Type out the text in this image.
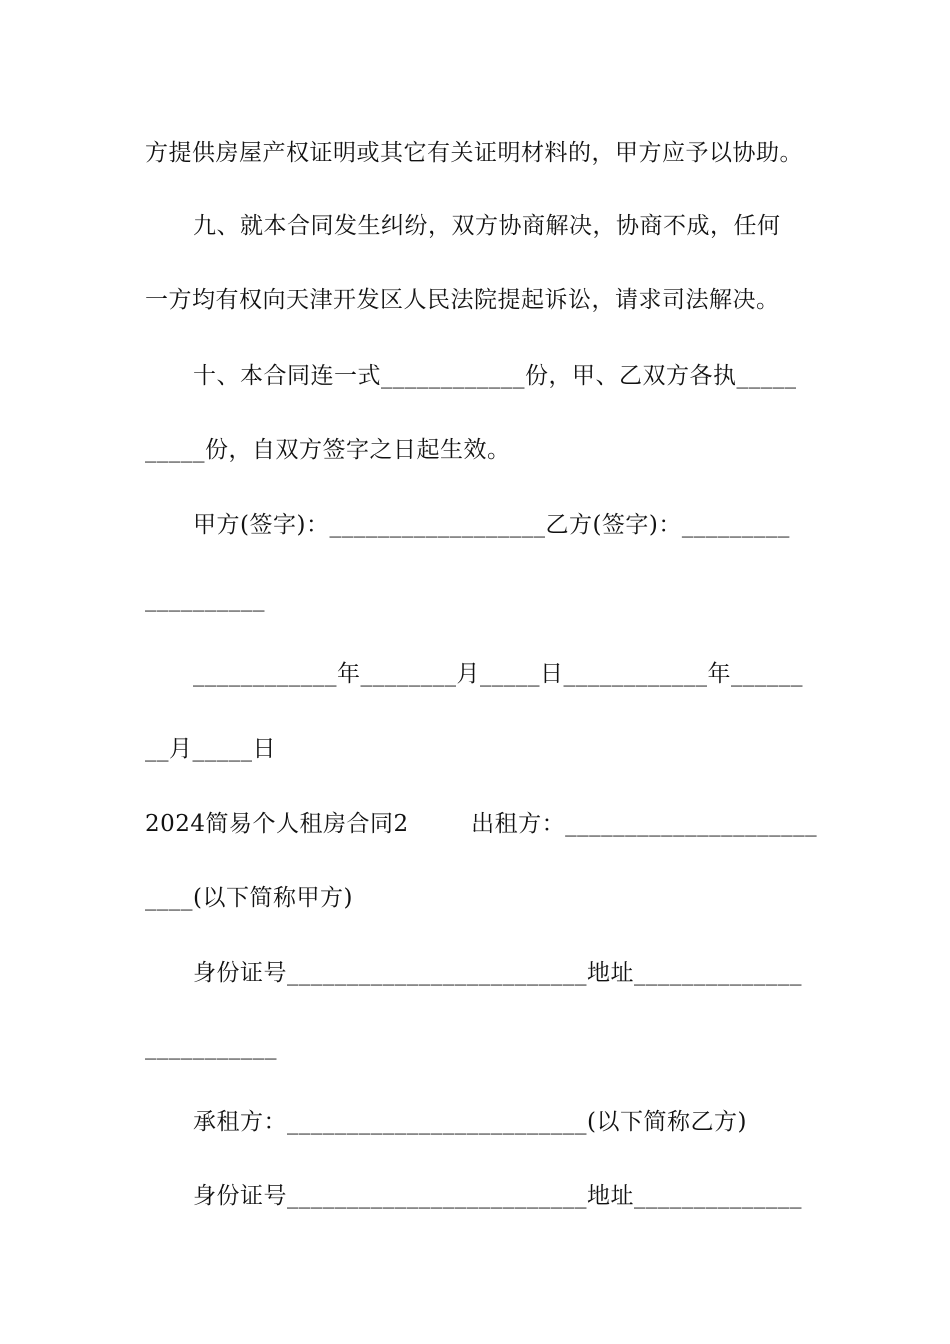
方提供房屋产权证明或其它有关证明材料的，甲方应予以协助。
九、就本合同发生纠纷，双方协商解决，协商不成，任何
一方均有权向天津开发区人民法院提起诉讼，请求司法解决。
十、本合同连一式____________份，甲、乙双方各执_____
_____份，自双方签字之日起生效。
甲方(签字)：__________________乙方(签字)：_________
__________
____________年________月_____日____________年______
__月_____日
2024简易个人租房合同2        出租方：_____________________
____(以下简称甲方)
身份证号_________________________地址______________
___________
承租方：_________________________(以下简称乙方)
身份证号_________________________地址______________
